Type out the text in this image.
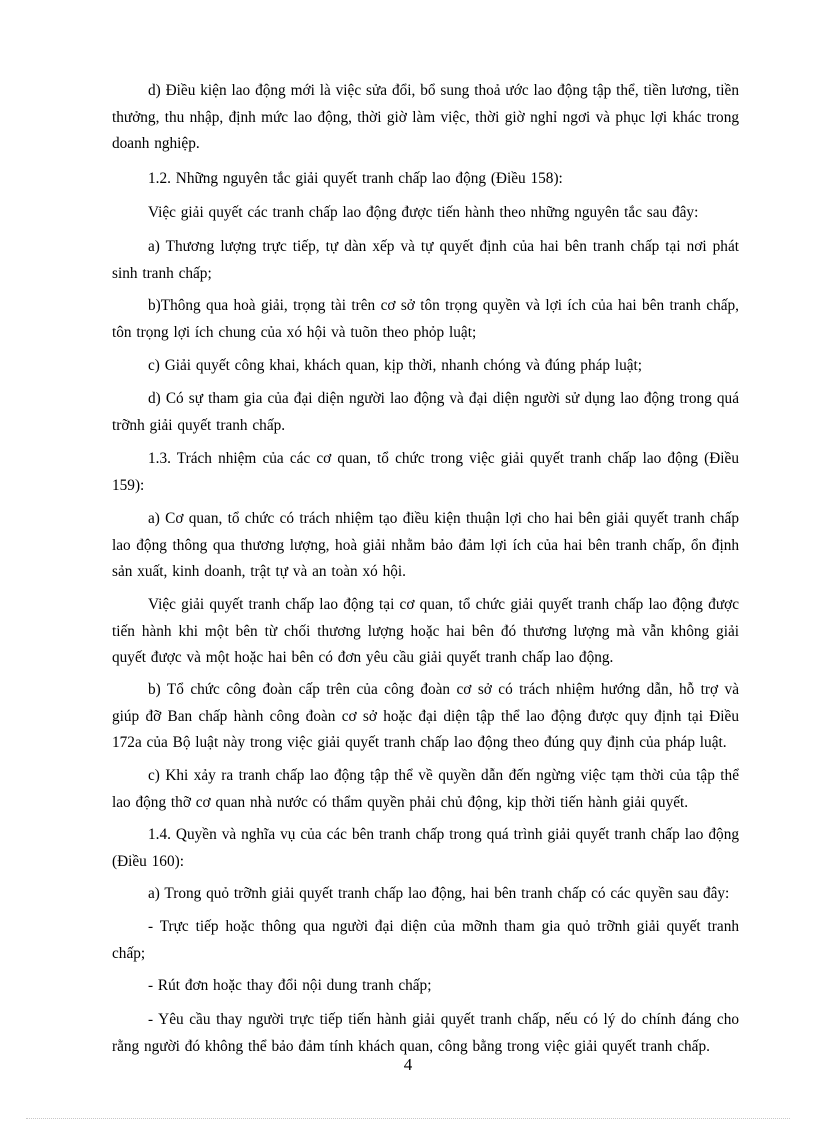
d) Điều kiện lao động mới là việc sửa đổi, bổ sung thoả ước lao động tập thể, tiền lương, tiền thưởng, thu nhập, định mức lao động, thời giờ làm việc, thời giờ nghỉ ngơi và phục lợi khác trong doanh nghiệp.

1.2. Những nguyên tắc giải quyết tranh chấp lao động (Điều 158):

Việc giải quyết các tranh chấp lao động được tiến hành theo những nguyên tắc sau đây:

a) Thương lượng trực tiếp, tự dàn xếp và tự quyết định của hai bên tranh chấp tại nơi phát sinh tranh chấp;

b)Thông qua hoà giải, trọng tài trên cơ sở tôn trọng quyền và lợi ích của hai bên tranh chấp, tôn trọng lợi ích chung của xó hội và tuõn theo phỏp luật;

c) Giải quyết công khai, khách quan, kịp thời, nhanh chóng và đúng pháp luật;

d) Có sự tham gia của đại diện người lao động và đại diện người sử dụng lao động trong quá trỡnh giải quyết tranh chấp.

1.3. Trách nhiệm của các cơ quan, tổ chức trong việc giải quyết tranh chấp lao động (Điều 159):

a) Cơ quan, tổ chức có trách nhiệm tạo điều kiện thuận lợi cho hai bên giải quyết tranh chấp lao động thông qua thương lượng, hoà giải nhằm bảo đảm lợi ích của hai bên tranh chấp, ổn định sản xuất, kinh doanh, trật tự và an toàn xó hội.

Việc giải quyết tranh chấp lao động tại cơ quan, tổ chức giải quyết tranh chấp lao động được tiến hành khi một bên từ chối thương lượng hoặc hai bên đó thương lượng mà vẫn không giải quyết được và một hoặc hai bên có đơn yêu cầu giải quyết tranh chấp lao động.

b) Tổ chức công đoàn cấp trên của công đoàn cơ sở có trách nhiệm hướng dẫn, hỗ trợ và giúp đỡ Ban chấp hành công đoàn cơ sở hoặc đại diện tập thể lao động được quy định tại Điều 172a của Bộ luật này trong việc giải quyết tranh chấp lao động theo đúng quy định của pháp luật.

c) Khi xảy ra tranh chấp lao động tập thể về quyền dẫn đến ngừng việc tạm thời của tập thể lao động thỡ cơ quan nhà nước có thẩm quyền phải chủ động, kịp thời tiến hành giải quyết.

1.4. Quyền và nghĩa vụ của các bên tranh chấp trong quá trình giải quyết tranh chấp lao động (Điều 160):

a) Trong quỏ trỡnh giải quyết tranh chấp lao động, hai bên tranh chấp có các quyền sau đây:

- Trực tiếp hoặc thông qua người đại diện của mỡnh tham gia quỏ trỡnh giải quyết tranh chấp;

- Rút đơn hoặc thay đổi nội dung tranh chấp;

- Yêu cầu thay người trực tiếp tiến hành giải quyết tranh chấp, nếu có lý do chính đáng cho rằng người đó không thể bảo đảm tính khách quan, công bằng trong việc giải quyết tranh chấp.

4
